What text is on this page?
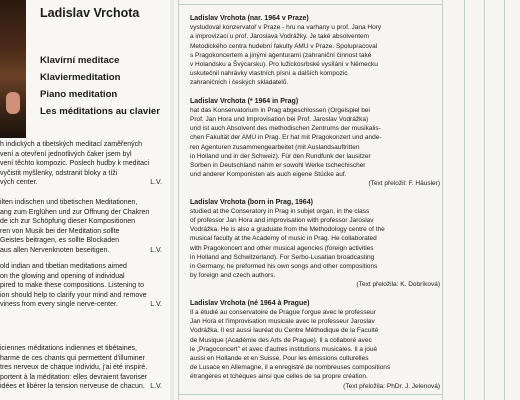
Ladislav Vrchota
Klavírní meditace
Klaviermeditation
Piano meditation
Les méditations au clavier
h indických a tibetských meditací zaměřených
vení a otevření jednotlivých čaker jsem byl
vení těchto kompozic. Poslech hudby k meditaci
vyčistit myšlenky, odstranit bloky a tíži
vých center.	L.V.
ilten indischen und tibetischen Meditationen,
ang zum Erglühen und zur Öffnung der Chakren
de ich zur Schöpfung dieser Kompositionen
ren von Musik bei der Meditation sollte
Geistes beitragen, es sollte Blockaden
aus allen Nervenknoten beseitigen.	L.V.
old indian and tibetian meditations aimed
on the glowing and opening of individual
pired to make these compositions. Listening to
ion should help to clarify your mind and remove
viness from every single nerve-center.	L.V.
iciennes méditations indiennes et tibétaines,
harme de ces chants qui permettent d'illuminer
tres nerveux de chaque individu, j'ai été inspiré.
portent à la méditation: elles devraient favoriser
idées et libérer la tension nerveuse de chacun. L.V.
Ladislav Vrchota (nar. 1964 v Praze)
vystudoval konzervatoř v Praze - hru na varhany u prof. Jana Hory
a improvizaci u prof. Jaroslava Vodrážky. Je také absolventem
Metodického centra hudební fakulty AMU v Praze. Spolupracoval
s Pragokoncertem a jinými agenturami (zahraniční činnost také
v Holandsku a Švýcarsku). Pro lužickosrbské vysílání v Německu
uskutečnil nahrávky vlastních písní a dalších kompozic
zahraničních i českých skladatelů.
Ladislav Vrchota (* 1964 in Prag)
hat das Konservatorium in Prag abgeschlossen (Orgelspiel bei
Prof. Jan Hora und Improvisation bei Prof. Jaroslav Vodrážka)
und ist auch Absolvent des methodischen Zentrums der musikalis-
chen Fakultät der AMU in Prag. Er hat mit Pragokonzert und ande-
ren Agenturen zusammengearbeitet (mit Auslandsauftritten
in Holland und in der Schweiz). Für den Rundfunk der lausitzer
Sorben in Deutschland nahm er sowohl Werke tschechischer
und anderer Komponisten als auch eigene Stücke auf.
(Text přeložil: F. Häusler)
Ladislav Vrchota (born in Prag, 1964)
studied at the Conseratory in Prag in subjet organ, in the class
of professor Jan Hora and improvisation with professor Jaroslav
Vodrážka. He is also a graduate from the Methodology centre of the
musical faculty at the Academy of music in Prag. He collaborated
with Pragokoncert and other musical agencies (foreign activities
in Holland and Schwitzerland). For Serbo-Lusatian broadcasting
in Germany, he preformed his own songs and other compositions
by foreign and czech authors.
(Text přeložila: K. Dobríková)
Ladislav Vrchota (né 1964 à Prague)
Il a étudié au conservatoire de Prague l'orgue avec le professeur
Jan Hora et l'improvisation musicale avec le professeur Jaroslav
Vodrážka. Il est aussi lauréat du Centre Méthodique de la Faculté
de Musique (Académie des Arts de Prague). Il a collaboré avec
le „Pragoconcert" et avec d'autres institutions musicales. Il a joué
aussi en Hollande et en Suisse. Pour les émissions culturelles
de Lusace en Allemagne, il a enregistré de nombreuses compositions
étrangères et tchèques ainsi que celles de sa propre création.
(Text přeložila: PhDr. J. Jelenová)
